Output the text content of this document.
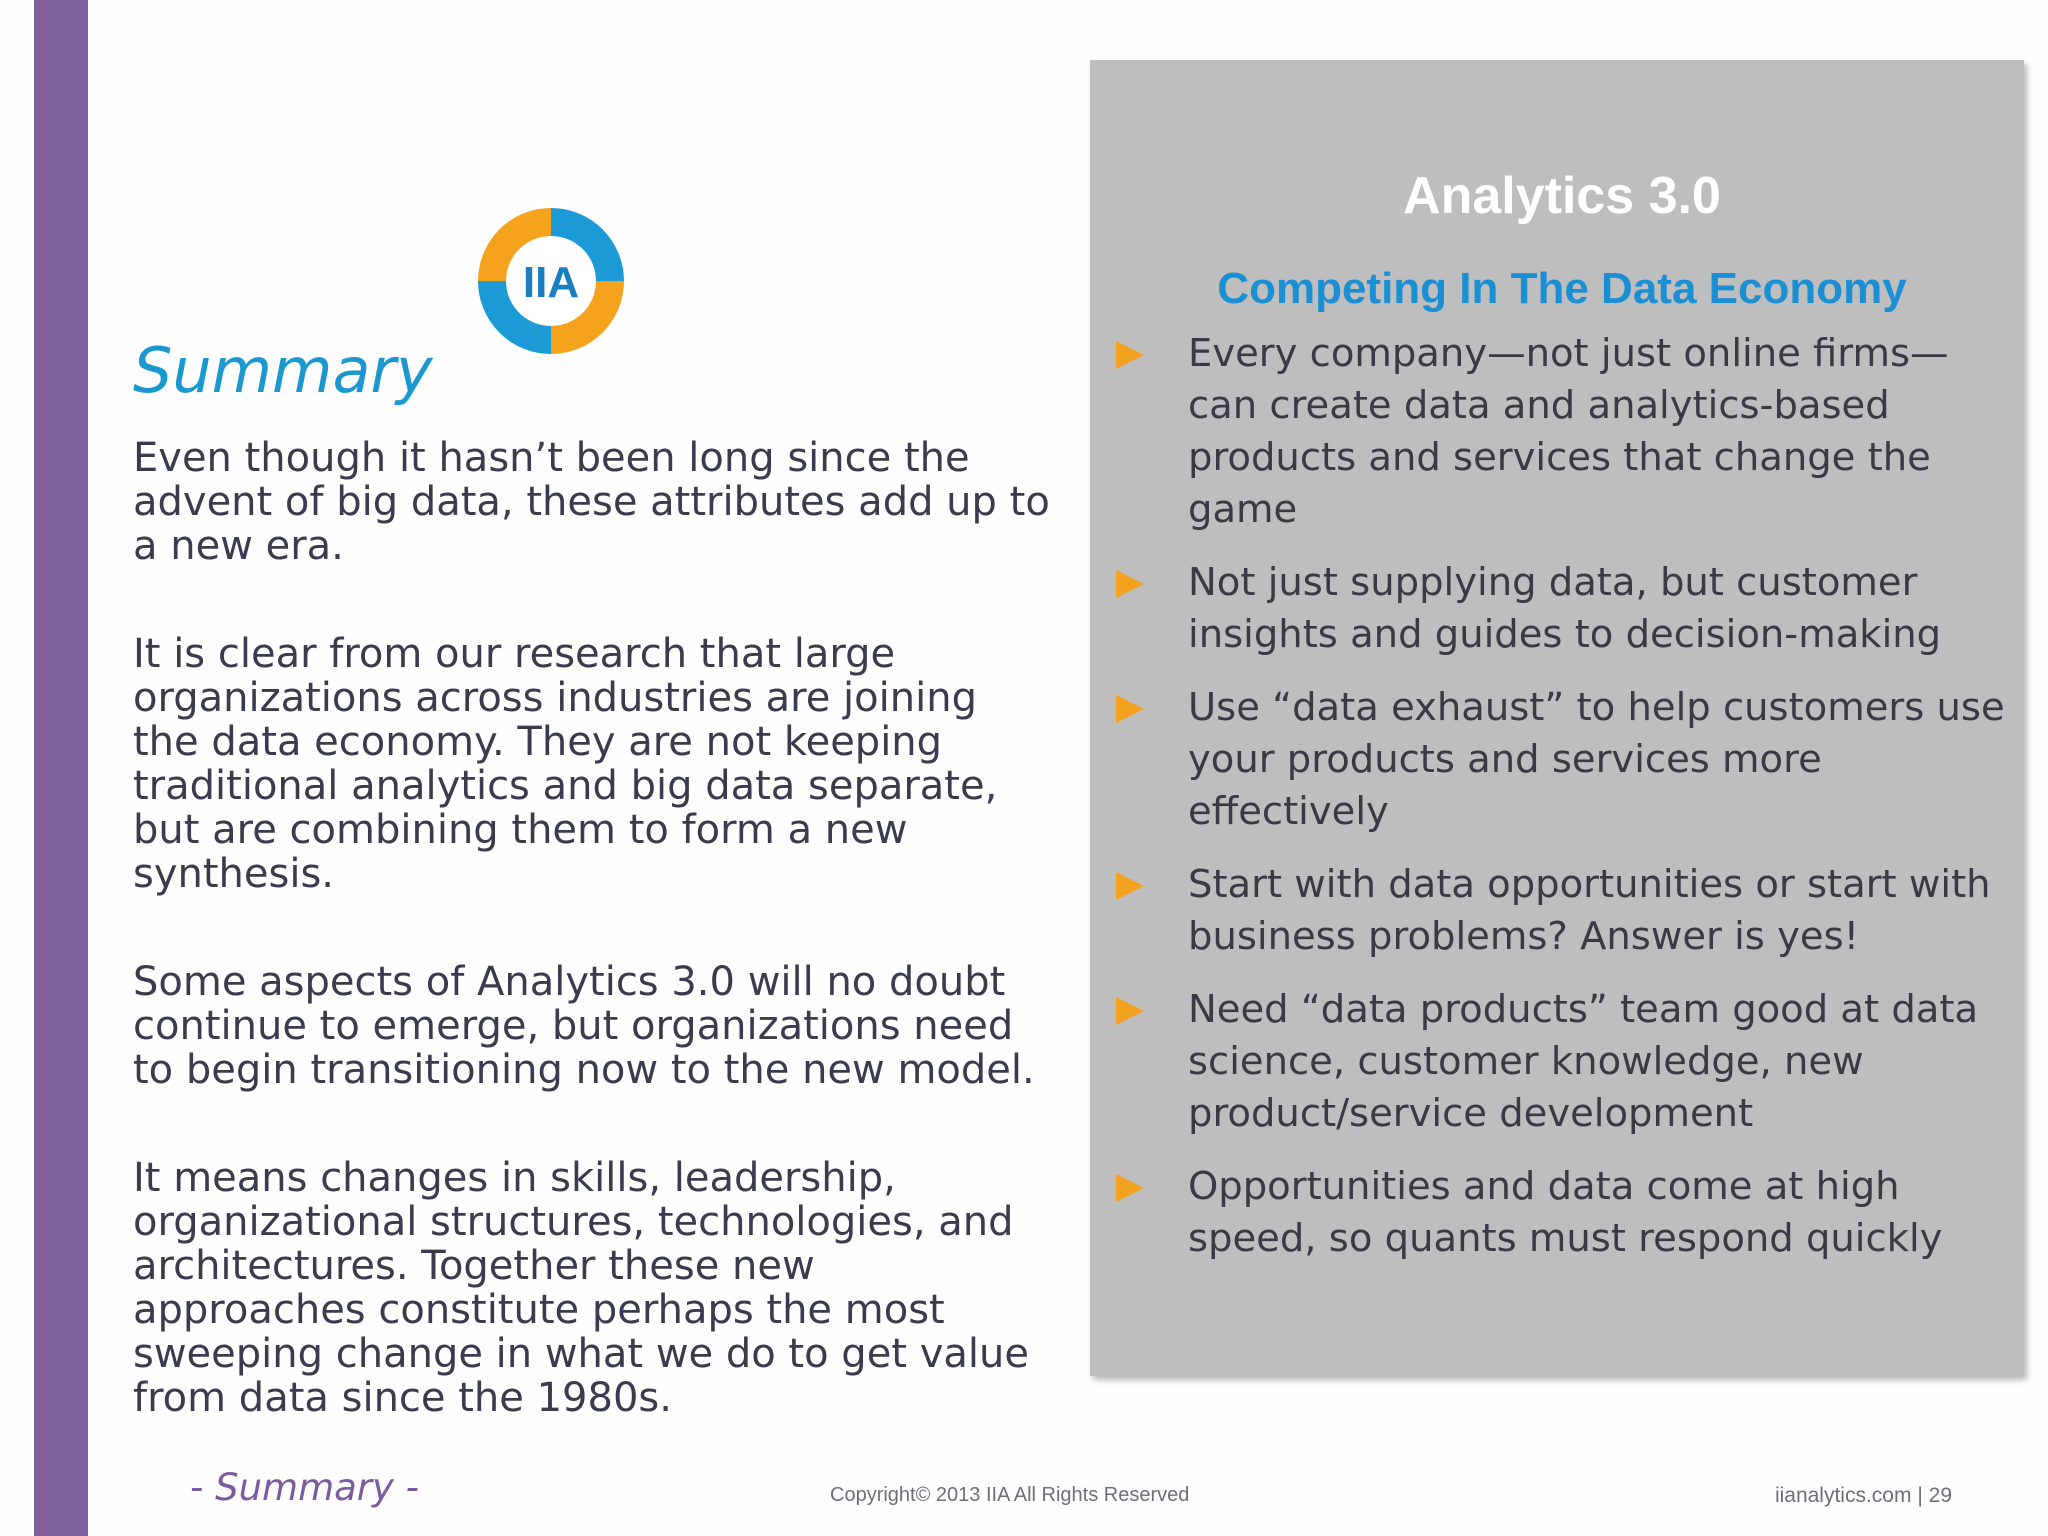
IIA
Summary

Even though it hasn’t been long since the advent of big data, these attributes add up to a new era.

It is clear from our research that large organizations across industries are joining the data economy. They are not keeping traditional analytics and big data separate, but are combining them to form a new synthesis.

Some aspects of Analytics 3.0 will no doubt continue to emerge, but organizations need to begin transitioning now to the new model.

It means changes in skills, leadership, organizational structures, technologies, and architectures. Together these new approaches constitute perhaps the most sweeping change in what we do to get value from data since the 1980s.

Analytics 3.0
Competing In The Data Economy
Every company—not just online firms—can create data and analytics-based products and services that change the game
Not just supplying data, but customer insights and guides to decision-making
Use “data exhaust” to help customers use your products and services more effectively
Start with data opportunities or start with business problems? Answer is yes!
Need “data products” team good at data science, customer knowledge, new product/service development
Opportunities and data come at high speed, so quants must respond quickly
- Summary -	Copyright© 2013 IIA All Rights Reserved	iianalytics.com | 29
